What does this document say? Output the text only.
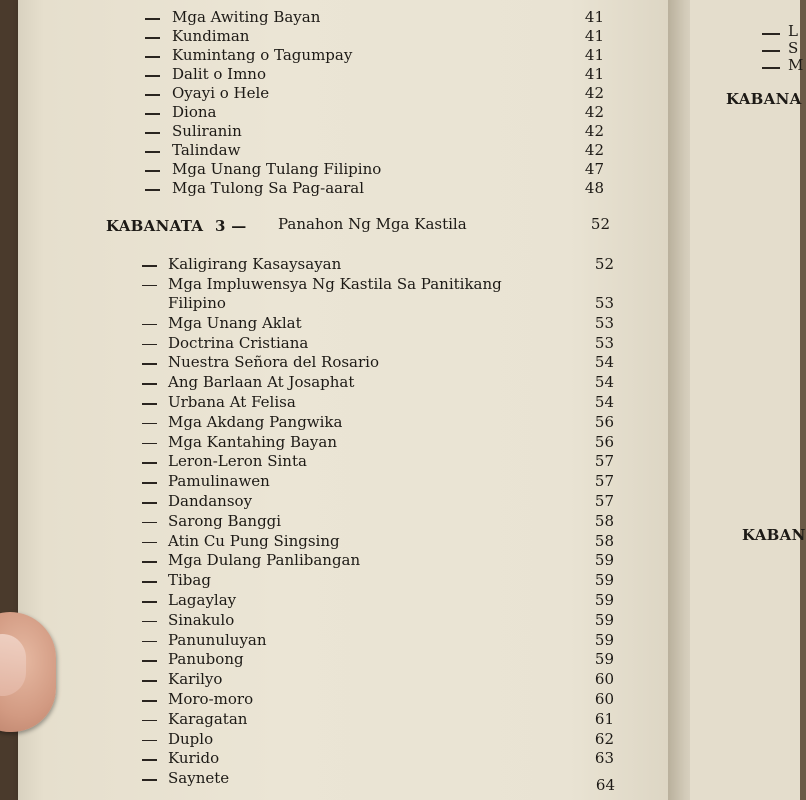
Mga Awiting Bayan	41
Kundiman	41
Kumintang o Tagumpay	41
Dalit o Imno	41
Oyayi o Hele	42
Diona	42
Suliranin	42
Talindaw	42
Mga Unang Tulang Filipino	47
Mga Tulong Sa Pag-aaral	48
KABANATA 3 — Panahon Ng Mga Kastila	52
Kaligirang Kasaysayan	52
Mga Impluwensya Ng Kastila Sa Panitikang
Filipino	53
Mga Unang Aklat	53
Doctrina Cristiana	53
Nuestra Señora del Rosario	54
Ang Barlaan At Josaphat	54
Urbana At Felisa	54
Mga Akdang Pangwika	56
Mga Kantahing Bayan	56
Leron-Leron Sinta	57
Pamulinawen	57
Dandansoy	57
Sarong Banggi	58
Atin Cu Pung Singsing	58
Mga Dulang Panlibangan	59
Tibag	59
Lagaylay	59
Sinakulo	59
Panunuluyan	59
Panubong	59
Karilyo	60
Moro-moro	60
Karagatan	61
Duplo	62
Kurido	63
Saynete	64
L
S
M
KABANA
KABAN
